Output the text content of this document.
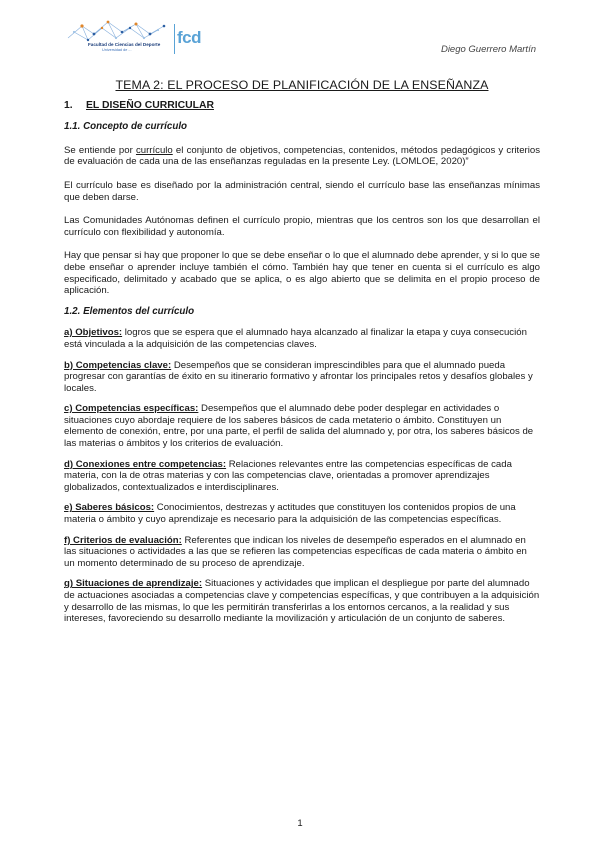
Facultad de Ciencias del Deporte
Universidad de ...
fcd
Diego Guerrero Martín
TEMA 2: EL PROCESO DE PLANIFICACIÓN DE LA ENSEÑANZA
1. EL DISEÑO CURRICULAR
1.1. Concepto de currículo

Se entiende por currículo el conjunto de objetivos, competencias, contenidos, métodos pedagógicos y criterios de evaluación de cada una de las enseñanzas reguladas en la presente Ley. (LOMLOE, 2020)”

El currículo base es diseñado por la administración central, siendo el currículo base las enseñanzas mínimas que deben darse.

Las Comunidades Autónomas definen el currículo propio, mientras que los centros son los que desarrollan el currículo con flexibilidad y autonomía.

Hay que pensar si hay que proponer lo que se debe enseñar o lo que el alumnado debe aprender, y si lo que se debe enseñar o aprender incluye también el cómo. También hay que tener en cuenta si el currículo es algo especificado, delimitado y acabado que se aplica, o es algo abierto que se delimita en el propio proceso de aplicación.

1.2. Elementos del currículo

a) Objetivos: logros que se espera que el alumnado haya alcanzado al finalizar la etapa y cuya consecución está vinculada a la adquisición de las competencias claves.

b) Competencias clave: Desempeños que se consideran imprescindibles para que el alumnado pueda progresar con garantías de éxito en su itinerario formativo y afrontar los principales retos y desafíos globales y locales.

c) Competencias específicas: Desempeños que el alumnado debe poder desplegar en actividades o situaciones cuyo abordaje requiere de los saberes básicos de cada metaterio o ámbito. Constituyen un elemento de conexión, entre, por una parte, el perfil de salida del alumnado y, por otra, los saberes básicos de las materias o ámbitos y los criterios de evaluación.

d) Conexiones entre competencias: Relaciones relevantes entre las competencias específicas de cada materia, con la de otras materias y con las competencias clave, orientadas a promover aprendizajes globalizados, contextualizados e interdisciplinares.

e) Saberes básicos: Conocimientos, destrezas y actitudes que constituyen los contenidos propios de una materia o ámbito y cuyo aprendizaje es necesario para la adquisición de las competencias específicas.

f) Criterios de evaluación: Referentes que indican los niveles de desempeño esperados en el alumnado en las situaciones o actividades a las que se refieren las competencias específicas de cada materia o ámbito en un momento determinado de su proceso de aprendizaje.

g) Situaciones de aprendizaje: Situaciones y actividades que implican el despliegue por parte del alumnado de actuaciones asociadas a competencias clave y competencias específicas, y que contribuyen a la adquisición y desarrollo de las mismas, lo que les permitirán transferirlas a los entornos cercanos, a la realidad y sus intereses, favoreciendo su desarrollo mediante la movilización y articulación de un conjunto de saberes.

1
